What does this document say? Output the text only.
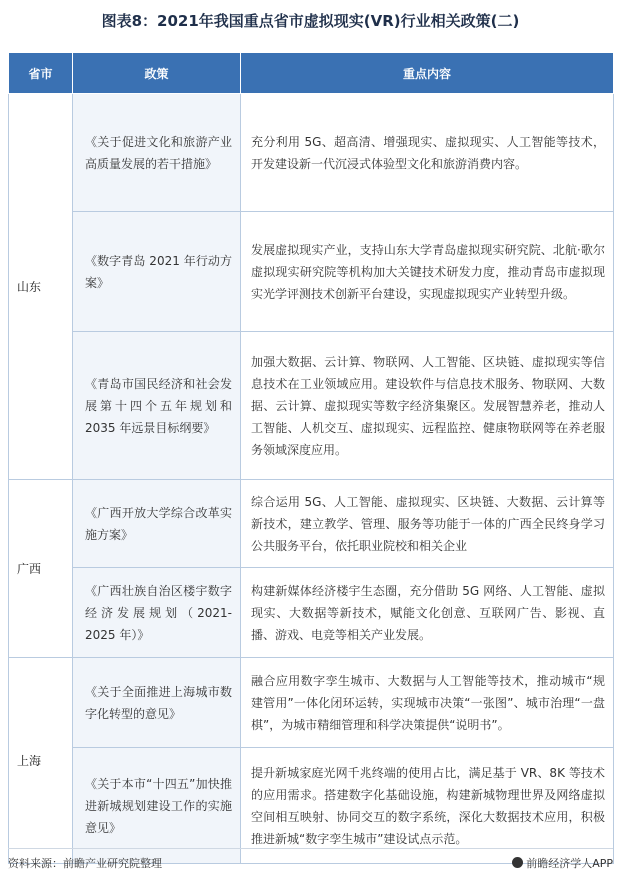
图表8：2021年我国重点省市虚拟现实(VR)行业相关政策(二)
省市	政策	重点内容
山东	《关于促进文化和旅游产业高质量发展的若干措施》	充分利用 5G、超高清、增强现实、虚拟现实、人工智能等技术，开发建设新一代沉浸式体验型文化和旅游消费内容。
	《数字青岛 2021 年行动方案》	发展虚拟现实产业，支持山东大学青岛虚拟现实研究院、北航·歌尔虚拟现实研究院等机构加大关键技术研发力度，推动青岛市虚拟现实光学评测技术创新平台建设，实现虚拟现实产业转型升级。
	《青岛市国民经济和社会发展第十四个五年规划和2035 年远景目标纲要》	加强大数据、云计算、物联网、人工智能、区块链、虚拟现实等信息技术在工业领域应用。建设软件与信息技术服务、物联网、大数据、云计算、虚拟现实等数字经济集聚区。发展智慧养老，推动人工智能、人机交互、虚拟现实、远程监控、健康物联网等在养老服务领域深度应用。
广西	《广西开放大学综合改革实施方案》	综合运用 5G、人工智能、虚拟现实、区块链、大数据、云计算等新技术，建立教学、管理、服务等功能于一体的广西全民终身学习公共服务平台，依托职业院校和相关企业
	《广西壮族自治区楼宇数字经济发展规划（2021-2025 年）》	构建新媒体经济楼宇生态圈，充分借助 5G 网络、人工智能、虚拟现实、大数据等新技术，赋能文化创意、互联网广告、影视、直播、游戏、电竞等相关产业发展。
上海	《关于全面推进上海城市数字化转型的意见》	融合应用数字孪生城市、大数据与人工智能等技术，推动城市“规建管用”一体化闭环运转，实现城市决策“一张图”、城市治理“一盘棋”，为城市精细管理和科学决策提供“说明书”。
	《关于本市“十四五”加快推进新城规划建设工作的实施意见》	提升新城家庭光网千兆终端的使用占比，满足基于 VR、8K 等技术的应用需求。搭建数字化基础设施，构建新城物理世界及网络虚拟空间相互映射、协同交互的数字系统，深化大数据技术应用，积极推进新城“数字孪生城市”建设试点示范。
资料来源：前瞻产业研究院整理	前瞻经济学人APP
